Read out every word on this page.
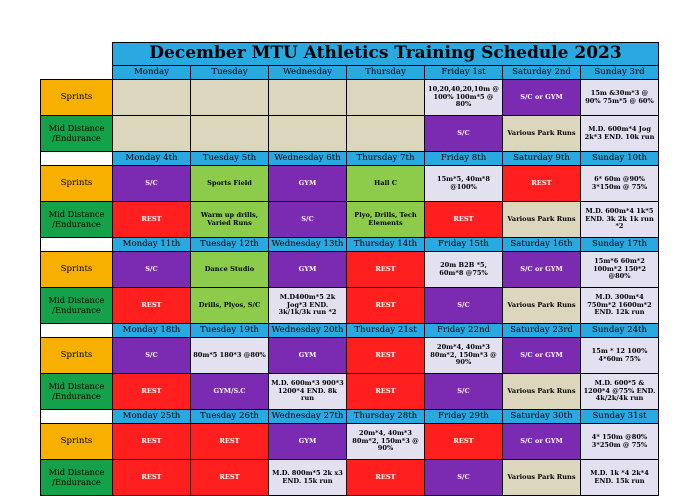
	December MTU Athletics Training Schedule 2023						
	Monday	Tuesday	Wednesday	Thursday	Friday 1st	Saturday 2nd	Sunday 3rd
Sprints					10,20,40,20,10m @ 100% 100m*5 @ 80%	S/C or GYM	15m &30m*3 @ 90% 75m*5 @ 60%
Mid Distance /Endurance					S/C	Various Park Runs	M.D. 600m*4 Jog 2k*3 END. 10k run
	Monday 4th	Tuesday 5th	Wednesday 6th	Thursday 7th	Friday 8th	Saturday 9th	Sunday 10th
Sprints	S/C	Sports Field	GYM	Hall C	15m*5, 40m*8 @100%	REST	6* 60m @90% 3*150m @ 75%
Mid Distance /Endurance	REST	Warm up drills, Varied Runs	S/C	Plyo, Drills, Tech Elements	REST	Various Park Runs	M.D. 600m*4 1k*5 END. 3k 2k 1k run *2
	Monday 11th	Tuesday 12th	Wednesday 13th	Thursday 14th	Friday 15th	Saturday 16th	Sunday 17th
Sprints	S/C	Dance Studio	GYM	REST	20m B2B *5, 60m*8 @75%	S/C or GYM	15m*6 60m*2 100m*2 150*2 @80%
Mid Distance /Endurance	REST	Drills, Plyos, S/C	M.D400m*5 2k Jog*3 END. 3k/1k/3k run *2	REST	S/C	Various Park Runs	M.D. 300m*4 750m*2 1600m*2 END. 12k run
	Monday 18th	Tuesday 19th	Wednesday 20th	Thursday 21st	Friday 22nd	Saturday 23rd	Sunday 24th
Sprints	S/C	80m*5 180*3 @80%	GYM	REST	20m*4, 40m*3 80m*2, 150m*3 @ 90%	S/C or GYM	15m * 12 100% 4*60m 75%
Mid Distance /Endurance	REST	GYM/S.C	M.D. 600m*3 900*3 1200*4 END. 8k run	REST	S/C	Various Park Runs	M.D. 600*5 & 1200*4 @75% END. 4k/2k/4k run
	Monday 25th	Tuesday 26th	Wednesday 27th	Thursday 28th	Friday 29th	Saturday 30th	Sunday 31st
Sprints	REST	REST	GYM	20m*4, 40m*3 80m*2, 150m*3 @ 90%	REST	S/C or GYM	4* 150m @80% 3*250m @ 75%
Mid Distance /Endurance	REST	REST	M.D. 800m*5 2k x3 END. 15k run	REST	S/C	Various Park Runs	M.D. 1k *4 2k*4 END. 15k run
